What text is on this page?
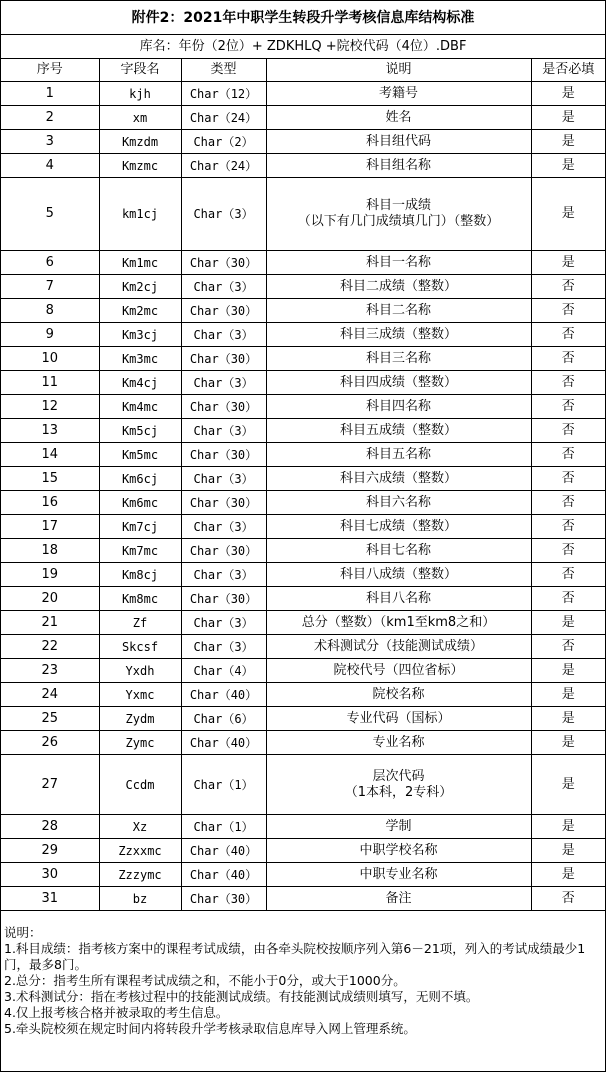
附件2：2021年中职学生转段升学考核信息库结构标准				
库名：年份（2位）+ ZDKHLQ +院校代码（4位）.DBF				
序号	字段名	类型	说明	是否必填
1	kjh	Char（12）	考籍号	是
2	xm	Char（24）	姓名	是
3	Kmzdm	Char（2）	科目组代码	是
4	Kmzmc	Char（24）	科目组名称	是
5	km1cj	Char（3）	科目一成绩
（以下有几门成绩填几门）（整数）	是
6	Km1mc	Char（30）	科目一名称	是
7	Km2cj	Char（3）	科目二成绩（整数）	否
8	Km2mc	Char（30）	科目二名称	否
9	Km3cj	Char（3）	科目三成绩（整数）	否
10	Km3mc	Char（30）	科目三名称	否
11	Km4cj	Char（3）	科目四成绩（整数）	否
12	Km4mc	Char（30）	科目四名称	否
13	Km5cj	Char（3）	科目五成绩（整数）	否
14	Km5mc	Char（30）	科目五名称	否
15	Km6cj	Char（3）	科目六成绩（整数）	否
16	Km6mc	Char（30）	科目六名称	否
17	Km7cj	Char（3）	科目七成绩（整数）	否
18	Km7mc	Char（30）	科目七名称	否
19	Km8cj	Char（3）	科目八成绩（整数）	否
20	Km8mc	Char（30）	科目八名称	否
21	Zf	Char（3）	总分（整数）（km1至km8之和）	是
22	Skcsf	Char（3）	术科测试分（技能测试成绩）	否
23	Yxdh	Char（4）	院校代号（四位省标）	是
24	Yxmc	Char（40）	院校名称	是
25	Zydm	Char（6）	专业代码（国标）	是
26	Zymc	Char（40）	专业名称	是
27	Ccdm	Char（1）	层次代码
（1本科，2专科）	是
28	Xz	Char（1）	学制	是
29	Zzxxmc	Char（40）	中职学校名称	是
30	Zzzymc	Char（40）	中职专业名称	是
31	bz	Char（30）	备注	否
说明：
1.科目成绩：指考核方案中的课程考试成绩，由各牵头院校按顺序列入第6－21项，列入的考试成绩最少1门，最多8门。
2.总分：指考生所有课程考试成绩之和，不能小于0分，或大于1000分。
3.术科测试分：指在考核过程中的技能测试成绩。有技能测试成绩则填写，无则不填。
4.仅上报考核合格并被录取的考生信息。
5.牵头院校须在规定时间内将转段升学考核录取信息库导入网上管理系统。
